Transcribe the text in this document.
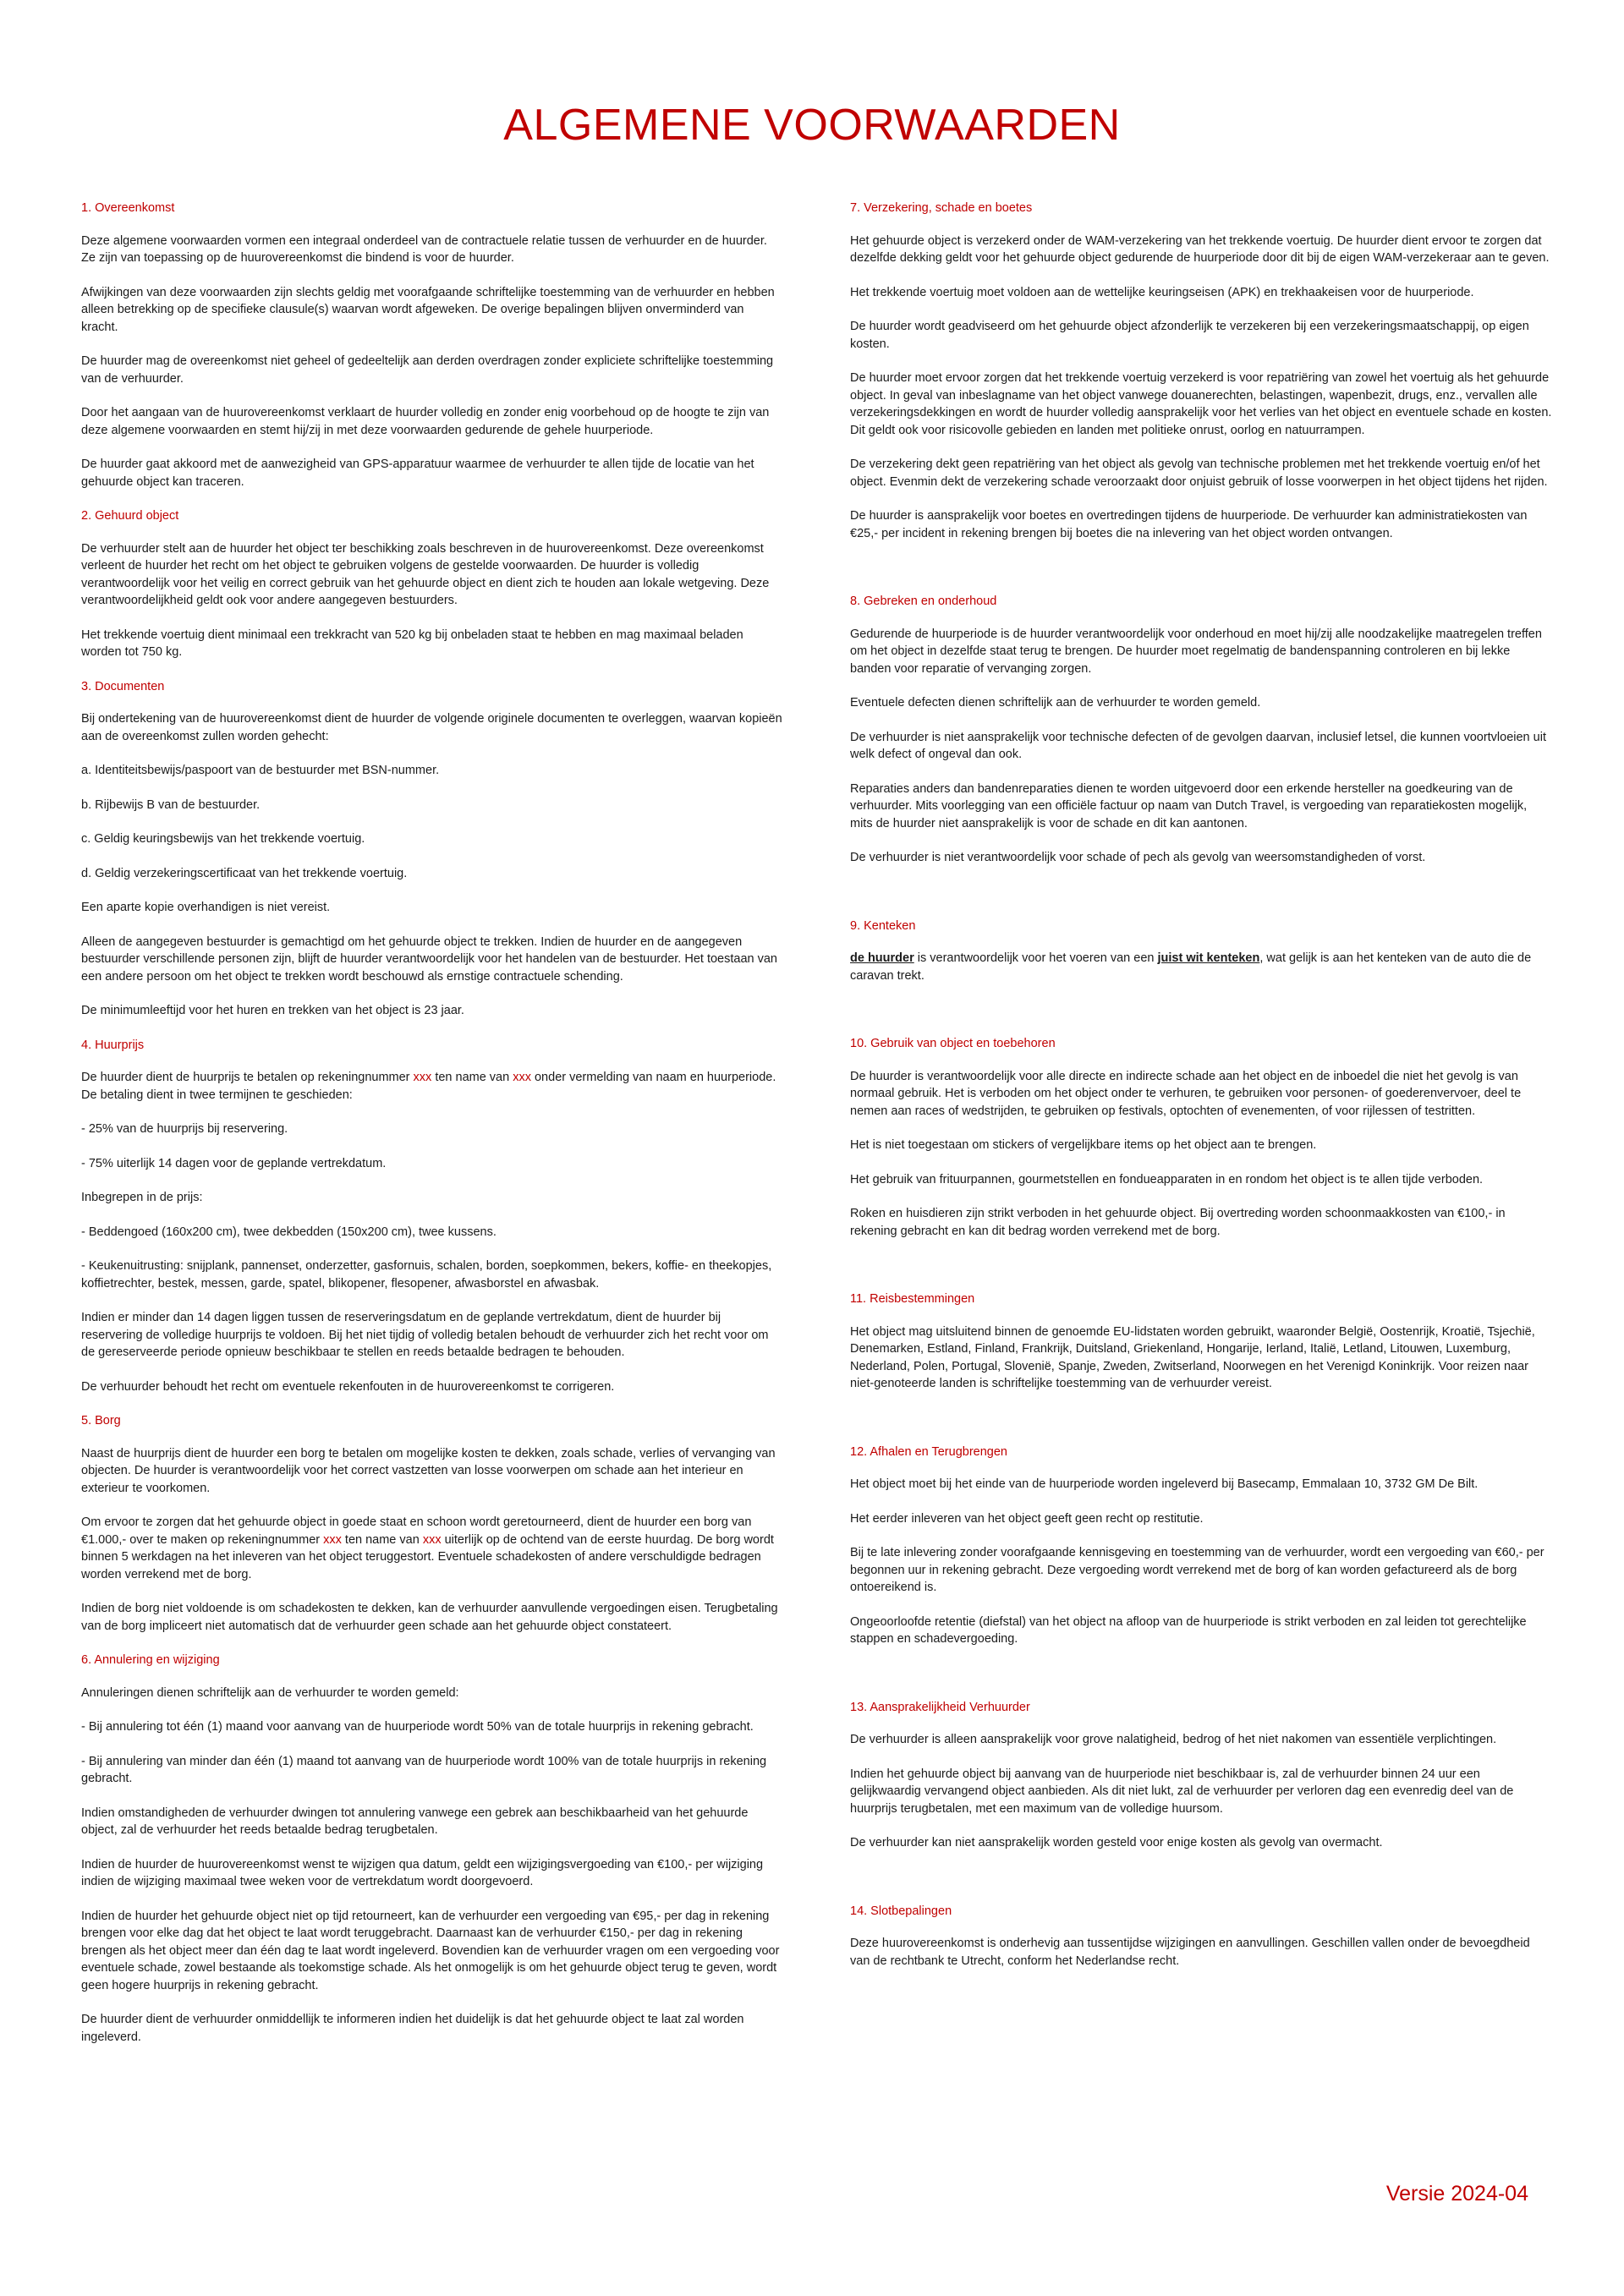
ALGEMENE VOORWAARDEN
1. Overeenkomst

Deze algemene voorwaarden vormen een integraal onderdeel van de contractuele relatie tussen de verhuurder en de huurder. Ze zijn van toepassing op de huurovereenkomst die bindend is voor de huurder.

Afwijkingen van deze voorwaarden zijn slechts geldig met voorafgaande schriftelijke toestemming van de verhuurder en hebben alleen betrekking op de specifieke clausule(s) waarvan wordt afgeweken. De overige bepalingen blijven onverminderd van kracht.

De huurder mag de overeenkomst niet geheel of gedeeltelijk aan derden overdragen zonder expliciete schriftelijke toestemming van de verhuurder.

Door het aangaan van de huurovereenkomst verklaart de huurder volledig en zonder enig voorbehoud op de hoogte te zijn van deze algemene voorwaarden en stemt hij/zij in met deze voorwaarden gedurende de gehele huurperiode.

De huurder gaat akkoord met de aanwezigheid van GPS-apparatuur waarmee de verhuurder te allen tijde de locatie van het gehuurde object kan traceren.

2. Gehuurd object

De verhuurder stelt aan de huurder het object ter beschikking zoals beschreven in de huurovereenkomst. Deze overeenkomst verleent de huurder het recht om het object te gebruiken volgens de gestelde voorwaarden. De huurder is volledig verantwoordelijk voor het veilig en correct gebruik van het gehuurde object en dient zich te houden aan lokale wetgeving. Deze verantwoordelijkheid geldt ook voor andere aangegeven bestuurders.

Het trekkende voertuig dient minimaal een trekkracht van 520 kg bij onbeladen staat te hebben en mag maximaal beladen worden tot 750 kg.

3. Documenten

Bij ondertekening van de huurovereenkomst dient de huurder de volgende originele documenten te overleggen, waarvan kopieën aan de overeenkomst zullen worden gehecht:

a. Identiteitsbewijs/paspoort van de bestuurder met BSN-nummer.

b. Rijbewijs B van de bestuurder.

c. Geldig keuringsbewijs van het trekkende voertuig.

d. Geldig verzekeringscertificaat van het trekkende voertuig.

Een aparte kopie overhandigen is niet vereist.

Alleen de aangegeven bestuurder is gemachtigd om het gehuurde object te trekken. Indien de huurder en de aangegeven bestuurder verschillende personen zijn, blijft de huurder verantwoordelijk voor het handelen van de bestuurder. Het toestaan van een andere persoon om het object te trekken wordt beschouwd als ernstige contractuele schending.

De minimumleeftijd voor het huren en trekken van het object is 23 jaar.

4. Huurprijs

De huurder dient de huurprijs te betalen op rekeningnummer xxx ten name van xxx onder vermelding van naam en huurperiode. De betaling dient in twee termijnen te geschieden:

- 25% van de huurprijs bij reservering.

- 75% uiterlijk 14 dagen voor de geplande vertrekdatum.

Inbegrepen in de prijs:

- Beddengoed (160x200 cm), twee dekbedden (150x200 cm), twee kussens.

- Keukenuitrusting: snijplank, pannenset, onderzetter, gasfornuis, schalen, borden, soepkommen, bekers, koffie- en theekopjes, koffietrechter, bestek, messen, garde, spatel, blikopener, flesopener, afwasborstel en afwasbak.

Indien er minder dan 14 dagen liggen tussen de reserveringsdatum en de geplande vertrekdatum, dient de huurder bij reservering de volledige huurprijs te voldoen. Bij het niet tijdig of volledig betalen behoudt de verhuurder zich het recht voor om de gereserveerde periode opnieuw beschikbaar te stellen en reeds betaalde bedragen te behouden.

De verhuurder behoudt het recht om eventuele rekenfouten in de huurovereenkomst te corrigeren.

5. Borg

Naast de huurprijs dient de huurder een borg te betalen om mogelijke kosten te dekken, zoals schade, verlies of vervanging van objecten. De huurder is verantwoordelijk voor het correct vastzetten van losse voorwerpen om schade aan het interieur en exterieur te voorkomen.

Om ervoor te zorgen dat het gehuurde object in goede staat en schoon wordt geretourneerd, dient de huurder een borg van €1.000,- over te maken op rekeningnummer xxx ten name van xxx uiterlijk op de ochtend van de eerste huurdag. De borg wordt binnen 5 werkdagen na het inleveren van het object teruggestort. Eventuele schadekosten of andere verschuldigde bedragen worden verrekend met de borg.

Indien de borg niet voldoende is om schadekosten te dekken, kan de verhuurder aanvullende vergoedingen eisen. Terugbetaling van de borg impliceert niet automatisch dat de verhuurder geen schade aan het gehuurde object constateert.

6. Annulering en wijziging

Annuleringen dienen schriftelijk aan de verhuurder te worden gemeld:

- Bij annulering tot één (1) maand voor aanvang van de huurperiode wordt 50% van de totale huurprijs in rekening gebracht.

- Bij annulering van minder dan één (1) maand tot aanvang van de huurperiode wordt 100% van de totale huurprijs in rekening gebracht.

Indien omstandigheden de verhuurder dwingen tot annulering vanwege een gebrek aan beschikbaarheid van het gehuurde object, zal de verhuurder het reeds betaalde bedrag terugbetalen.

Indien de huurder de huurovereenkomst wenst te wijzigen qua datum, geldt een wijzigingsvergoeding van €100,- per wijziging indien de wijziging maximaal twee weken voor de vertrekdatum wordt doorgevoerd.

Indien de huurder het gehuurde object niet op tijd retourneert, kan de verhuurder een vergoeding van €95,- per dag in rekening brengen voor elke dag dat het object te laat wordt teruggebracht. Daarnaast kan de verhuurder €150,- per dag in rekening brengen als het object meer dan één dag te laat wordt ingeleverd. Bovendien kan de verhuurder vragen om een vergoeding voor eventuele schade, zowel bestaande als toekomstige schade. Als het onmogelijk is om het gehuurde object terug te geven, wordt geen hogere huurprijs in rekening gebracht.

De huurder dient de verhuurder onmiddellijk te informeren indien het duidelijk is dat het gehuurde object te laat zal worden ingeleverd.

7. Verzekering, schade en boetes

Het gehuurde object is verzekerd onder de WAM-verzekering van het trekkende voertuig. De huurder dient ervoor te zorgen dat dezelfde dekking geldt voor het gehuurde object gedurende de huurperiode door dit bij de eigen WAM-verzekeraar aan te geven.

Het trekkende voertuig moet voldoen aan de wettelijke keuringseisen (APK) en trekhaakeisen voor de huurperiode.

De huurder wordt geadviseerd om het gehuurde object afzonderlijk te verzekeren bij een verzekeringsmaatschappij, op eigen kosten.

De huurder moet ervoor zorgen dat het trekkende voertuig verzekerd is voor repatriëring van zowel het voertuig als het gehuurde object. In geval van inbeslagname van het object vanwege douanerechten, belastingen, wapenbezit, drugs, enz., vervallen alle verzekeringsdekkingen en wordt de huurder volledig aansprakelijk voor het verlies van het object en eventuele schade en kosten. Dit geldt ook voor risicovolle gebieden en landen met politieke onrust, oorlog en natuurrampen.

De verzekering dekt geen repatriëring van het object als gevolg van technische problemen met het trekkende voertuig en/of het object. Evenmin dekt de verzekering schade veroorzaakt door onjuist gebruik of losse voorwerpen in het object tijdens het rijden.

De huurder is aansprakelijk voor boetes en overtredingen tijdens de huurperiode. De verhuurder kan administratiekosten van €25,- per incident in rekening brengen bij boetes die na inlevering van het object worden ontvangen.

8. Gebreken en onderhoud

Gedurende de huurperiode is de huurder verantwoordelijk voor onderhoud en moet hij/zij alle noodzakelijke maatregelen treffen om het object in dezelfde staat terug te brengen. De huurder moet regelmatig de bandenspanning controleren en bij lekke banden voor reparatie of vervanging zorgen.

Eventuele defecten dienen schriftelijk aan de verhuurder te worden gemeld.

De verhuurder is niet aansprakelijk voor technische defecten of de gevolgen daarvan, inclusief letsel, die kunnen voortvloeien uit welk defect of ongeval dan ook.

Reparaties anders dan bandenreparaties dienen te worden uitgevoerd door een erkende hersteller na goedkeuring van de verhuurder. Mits voorlegging van een officiële factuur op naam van Dutch Travel, is vergoeding van reparatiekosten mogelijk, mits de huurder niet aansprakelijk is voor de schade en dit kan aantonen.

De verhuurder is niet verantwoordelijk voor schade of pech als gevolg van weersomstandigheden of vorst.

9. Kenteken

de huurder is verantwoordelijk voor het voeren van een juist wit kenteken, wat gelijk is aan het kenteken van de auto die de caravan trekt.

10. Gebruik van object en toebehoren

De huurder is verantwoordelijk voor alle directe en indirecte schade aan het object en de inboedel die niet het gevolg is van normaal gebruik. Het is verboden om het object onder te verhuren, te gebruiken voor personen- of goederenvervoer, deel te nemen aan races of wedstrijden, te gebruiken op festivals, optochten of evenementen, of voor rijlessen of testritten.

Het is niet toegestaan om stickers of vergelijkbare items op het object aan te brengen.

Het gebruik van frituurpannen, gourmetstellen en fondueapparaten in en rondom het object is te allen tijde verboden.

Roken en huisdieren zijn strikt verboden in het gehuurde object. Bij overtreding worden schoonmaakkosten van €100,- in rekening gebracht en kan dit bedrag worden verrekend met de borg.

11. Reisbestemmingen

Het object mag uitsluitend binnen de genoemde EU-lidstaten worden gebruikt, waaronder België, Oostenrijk, Kroatië, Tsjechië, Denemarken, Estland, Finland, Frankrijk, Duitsland, Griekenland, Hongarije, Ierland, Italië, Letland, Litouwen, Luxemburg, Nederland, Polen, Portugal, Slovenië, Spanje, Zweden, Zwitserland, Noorwegen en het Verenigd Koninkrijk. Voor reizen naar niet-genoteerde landen is schriftelijke toestemming van de verhuurder vereist.

12. Afhalen en Terugbrengen

Het object moet bij het einde van de huurperiode worden ingeleverd bij Basecamp, Emmalaan 10, 3732 GM De Bilt.

Het eerder inleveren van het object geeft geen recht op restitutie.

Bij te late inlevering zonder voorafgaande kennisgeving en toestemming van de verhuurder, wordt een vergoeding van €60,- per begonnen uur in rekening gebracht. Deze vergoeding wordt verrekend met de borg of kan worden gefactureerd als de borg ontoereikend is.

Ongeoorloofde retentie (diefstal) van het object na afloop van de huurperiode is strikt verboden en zal leiden tot gerechtelijke stappen en schadevergoeding.

13. Aansprakelijkheid Verhuurder

De verhuurder is alleen aansprakelijk voor grove nalatigheid, bedrog of het niet nakomen van essentiële verplichtingen.

Indien het gehuurde object bij aanvang van de huurperiode niet beschikbaar is, zal de verhuurder binnen 24 uur een gelijkwaardig vervangend object aanbieden. Als dit niet lukt, zal de verhuurder per verloren dag een evenredig deel van de huurprijs terugbetalen, met een maximum van de volledige huursom.

De verhuurder kan niet aansprakelijk worden gesteld voor enige kosten als gevolg van overmacht.

14. Slotbepalingen

Deze huurovereenkomst is onderhevig aan tussentijdse wijzigingen en aanvullingen. Geschillen vallen onder de bevoegdheid van de rechtbank te Utrecht, conform het Nederlandse recht.

Versie 2024-04
